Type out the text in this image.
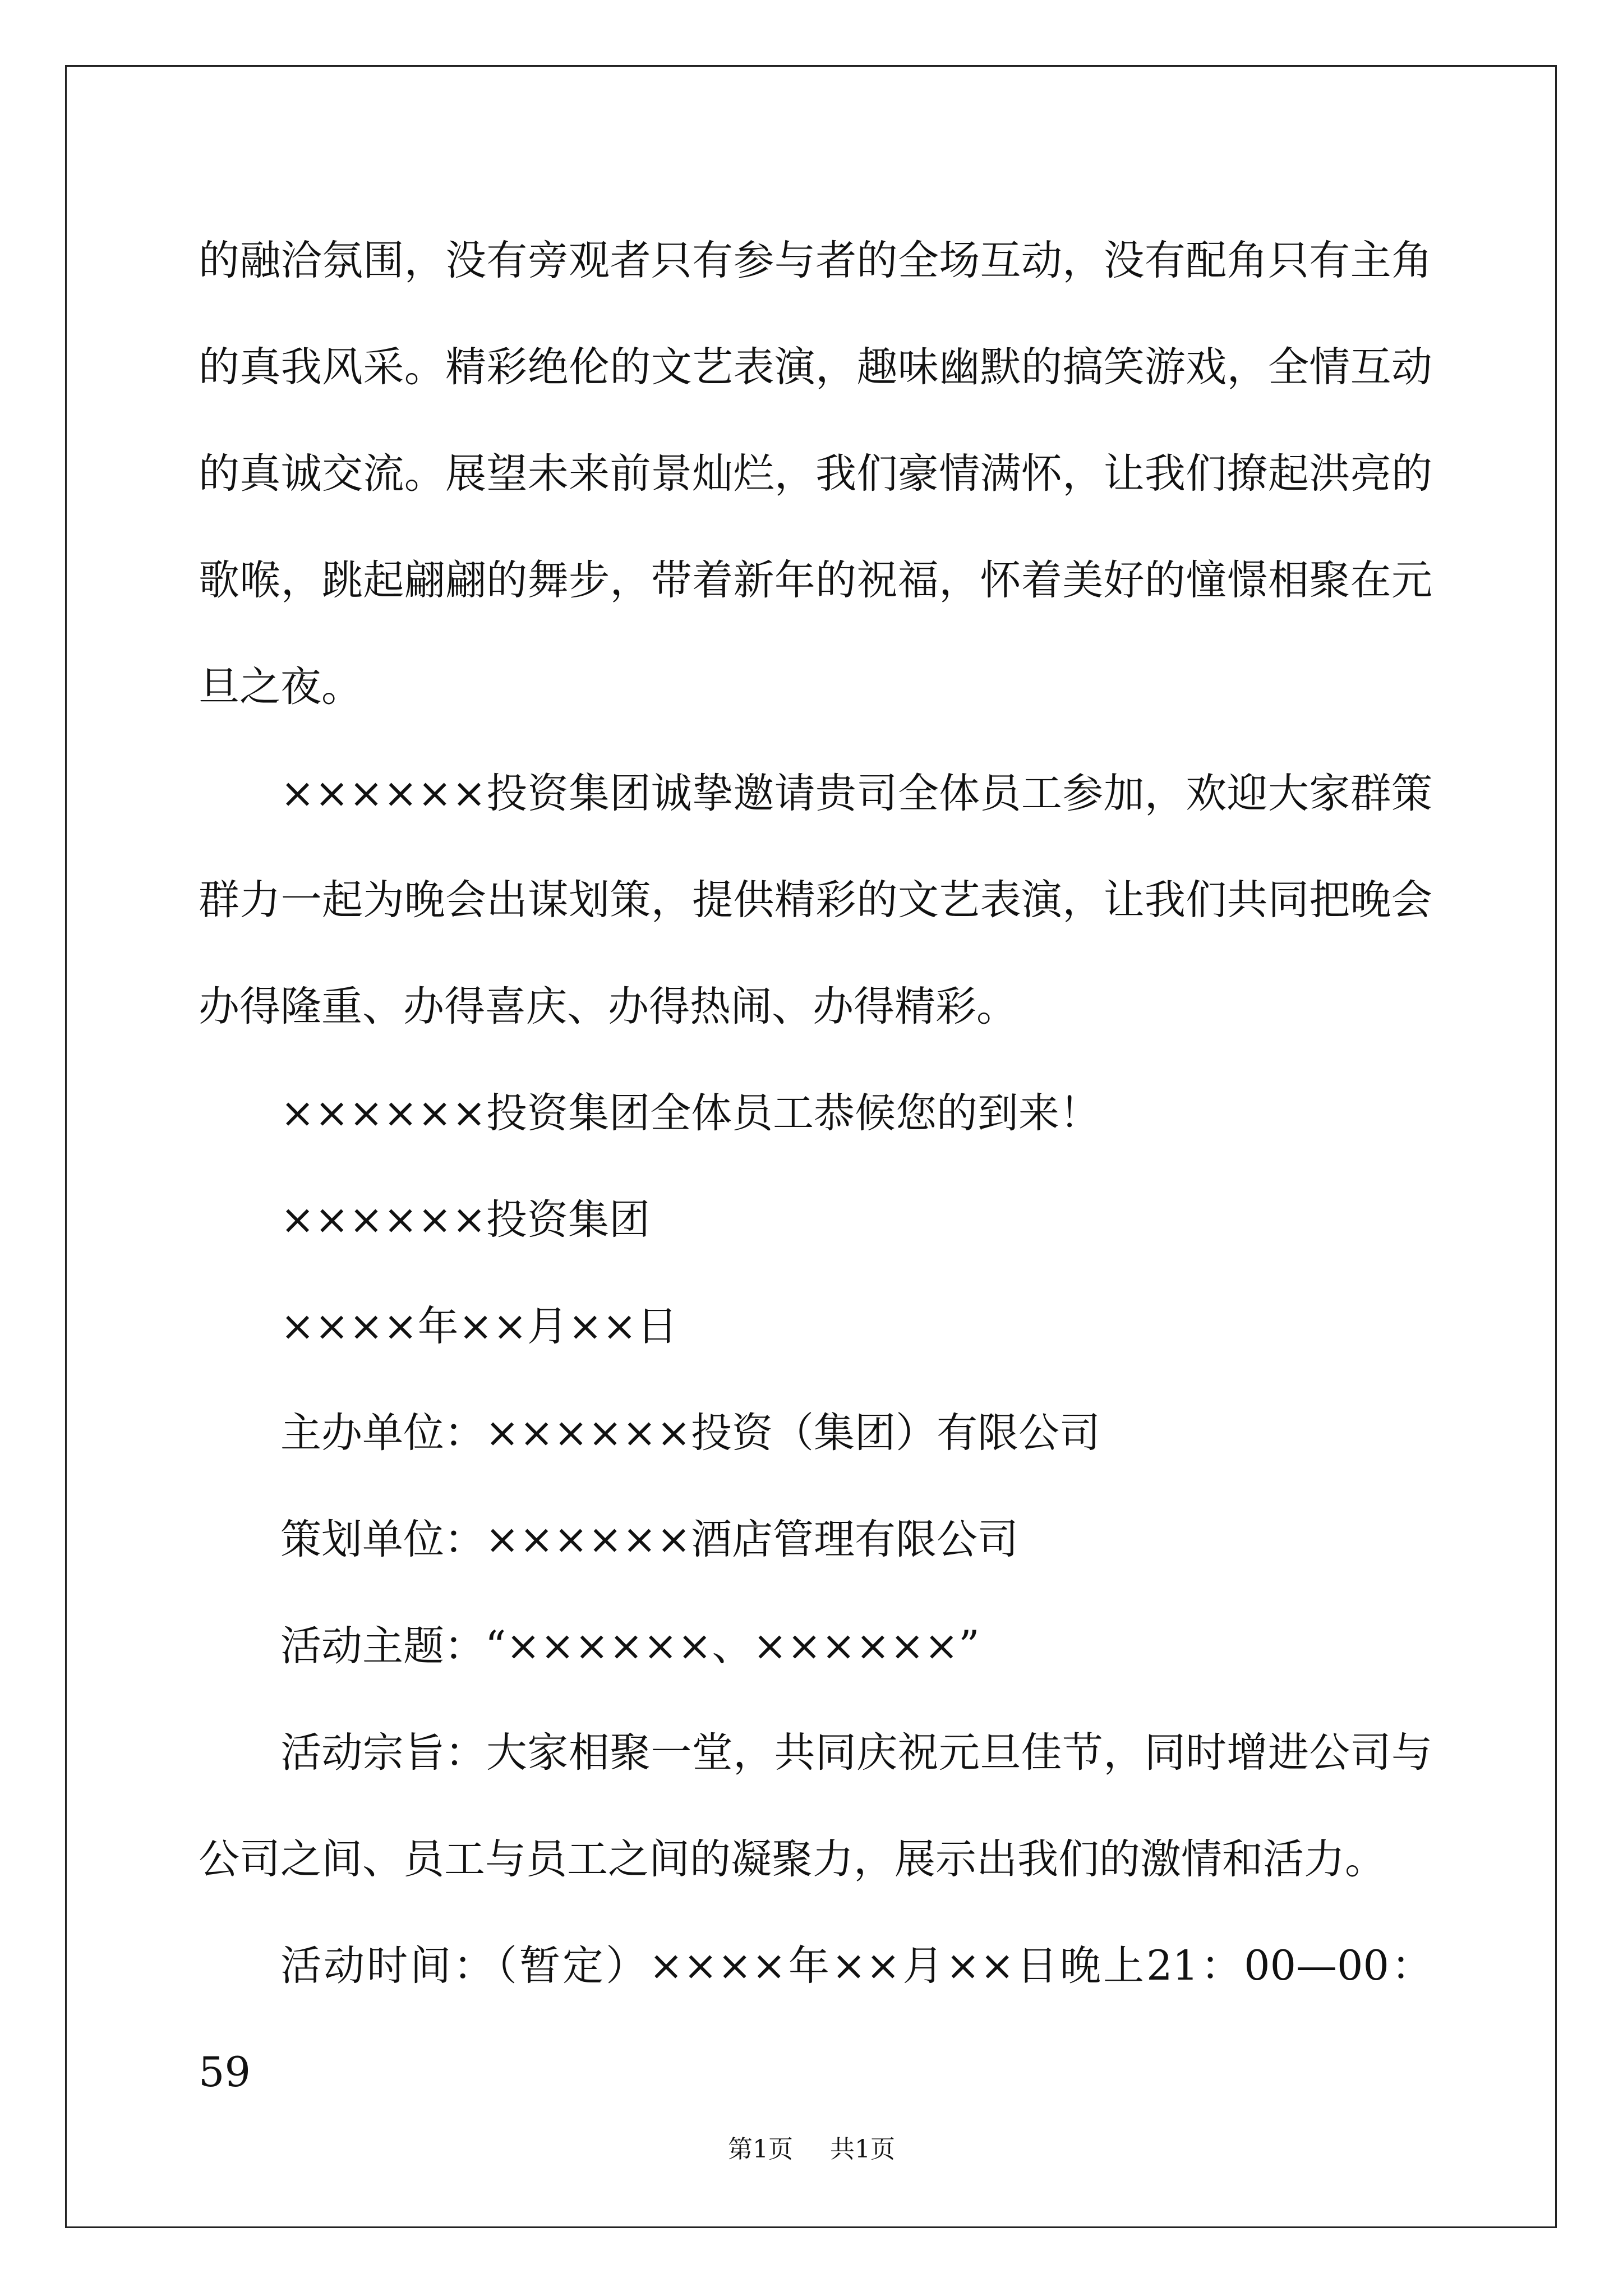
的融洽氛围，没有旁观者只有参与者的全场互动，没有配角只有主角的真我风采。精彩绝伦的文艺表演，趣味幽默的搞笑游戏，全情互动的真诚交流。展望未来前景灿烂，我们豪情满怀，让我们撩起洪亮的歌喉，跳起翩翩的舞步，带着新年的祝福，怀着美好的憧憬相聚在元旦之夜。

××××××投资集团诚挚邀请贵司全体员工参加，欢迎大家群策群力一起为晚会出谋划策，提供精彩的文艺表演，让我们共同把晚会办得隆重、办得喜庆、办得热闹、办得精彩。

××××××投资集团全体员工恭候您的到来！

××××××投资集团

××××年××月××日

主办单位：××××××投资（集团）有限公司

策划单位：××××××酒店管理有限公司

活动主题：“××××××、××××××”

活动宗旨：大家相聚一堂，共同庆祝元旦佳节，同时增进公司与公司之间、员工与员工之间的凝聚力，展示出我们的激情和活力。

活动时间：（暂定）××××年××月××日晚上21：00—00：59

第1页 共1页
